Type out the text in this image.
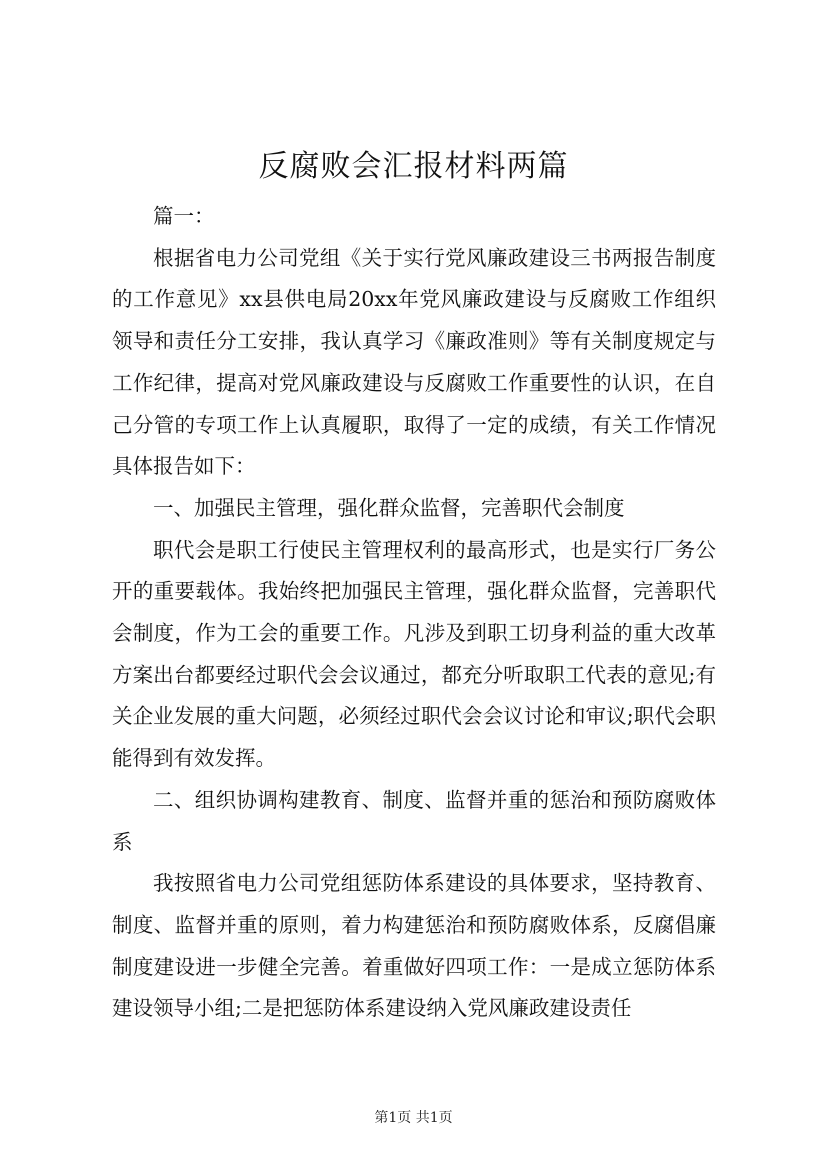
反腐败会汇报材料两篇

篇一：

根据省电力公司党组《关于实行党风廉政建设三书两报告制度的工作意见》xx县供电局20xx年党风廉政建设与反腐败工作组织领导和责任分工安排，我认真学习《廉政准则》等有关制度规定与工作纪律，提高对党风廉政建设与反腐败工作重要性的认识，在自己分管的专项工作上认真履职，取得了一定的成绩，有关工作情况具体报告如下：

一、加强民主管理，强化群众监督，完善职代会制度

职代会是职工行使民主管理权利的最高形式，也是实行厂务公开的重要载体。我始终把加强民主管理，强化群众监督，完善职代会制度，作为工会的重要工作。凡涉及到职工切身利益的重大改革方案出台都要经过职代会会议通过，都充分听取职工代表的意见;有关企业发展的重大问题，必须经过职代会会议讨论和审议;职代会职能得到有效发挥。

二、组织协调构建教育、制度、监督并重的惩治和预防腐败体系

我按照省电力公司党组惩防体系建设的具体要求，坚持教育、制度、监督并重的原则，着力构建惩治和预防腐败体系，反腐倡廉制度建设进一步健全完善。着重做好四项工作：一是成立惩防体系建设领导小组;二是把惩防体系建设纳入党风廉政建设责任

第1页 共1页
